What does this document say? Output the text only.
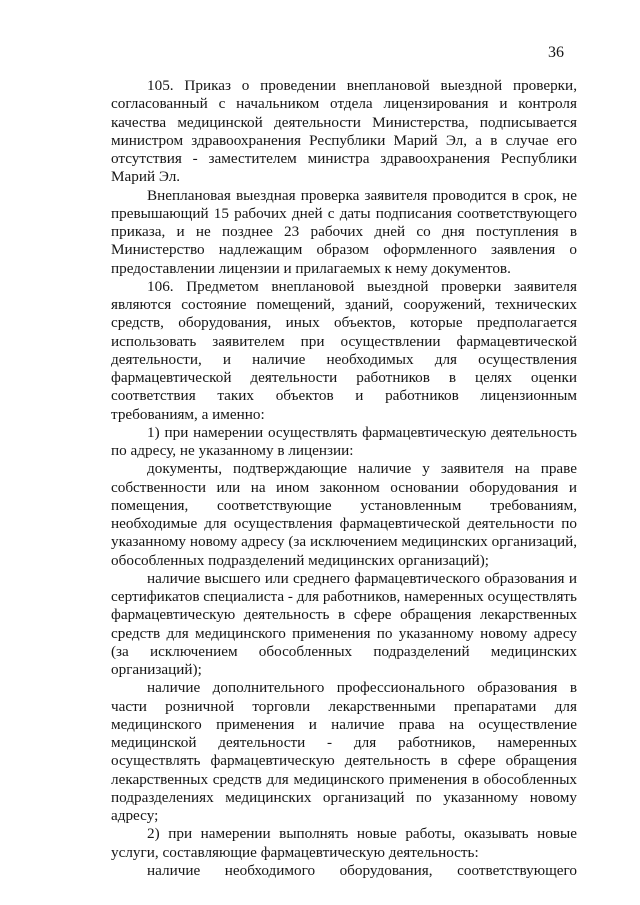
36

105. Приказ о проведении внеплановой выездной проверки, согласованный с начальником отдела лицензирования и контроля качества медицинской деятельности Министерства, подписывается министром здравоохранения Республики Марий Эл, а в случае его отсутствия - заместителем министра здравоохранения Республики Марий Эл.

Внеплановая выездная проверка заявителя проводится в срок, не превышающий 15 рабочих дней с даты подписания соответствующего приказа, и не позднее 23 рабочих дней со дня поступления в Министерство надлежащим образом оформленного заявления о предоставлении лицензии и прилагаемых к нему документов.

106. Предметом внеплановой выездной проверки заявителя являются состояние помещений, зданий, сооружений, технических средств, оборудования, иных объектов, которые предполагается использовать заявителем при осуществлении фармацевтической деятельности, и наличие необходимых для осуществления фармацевтической деятельности работников в целях оценки соответствия таких объектов и работников лицензионным требованиям, а именно:

1) при намерении осуществлять фармацевтическую деятельность по адресу, не указанному в лицензии:

документы, подтверждающие наличие у заявителя на праве собственности или на ином законном основании оборудования и помещения, соответствующие установленным требованиям, необходимые для осуществления фармацевтической деятельности по указанному новому адресу (за исключением медицинских организаций, обособленных подразделений медицинских организаций);

наличие высшего или среднего фармацевтического образования и сертификатов специалиста - для работников, намеренных осуществлять фармацевтическую деятельность в сфере обращения лекарственных средств для медицинского применения по указанному новому адресу (за исключением обособленных подразделений медицинских организаций);

наличие дополнительного профессионального образования в части розничной торговли лекарственными препаратами для медицинского применения и наличие права на осуществление медицинской деятельности - для работников, намеренных осуществлять фармацевтическую деятельность в сфере обращения лекарственных средств для медицинского применения в обособленных подразделениях медицинских организаций по указанному новому адресу;

2) при намерении выполнять новые работы, оказывать новые услуги, составляющие фармацевтическую деятельность:

наличие необходимого оборудования, соответствующего
